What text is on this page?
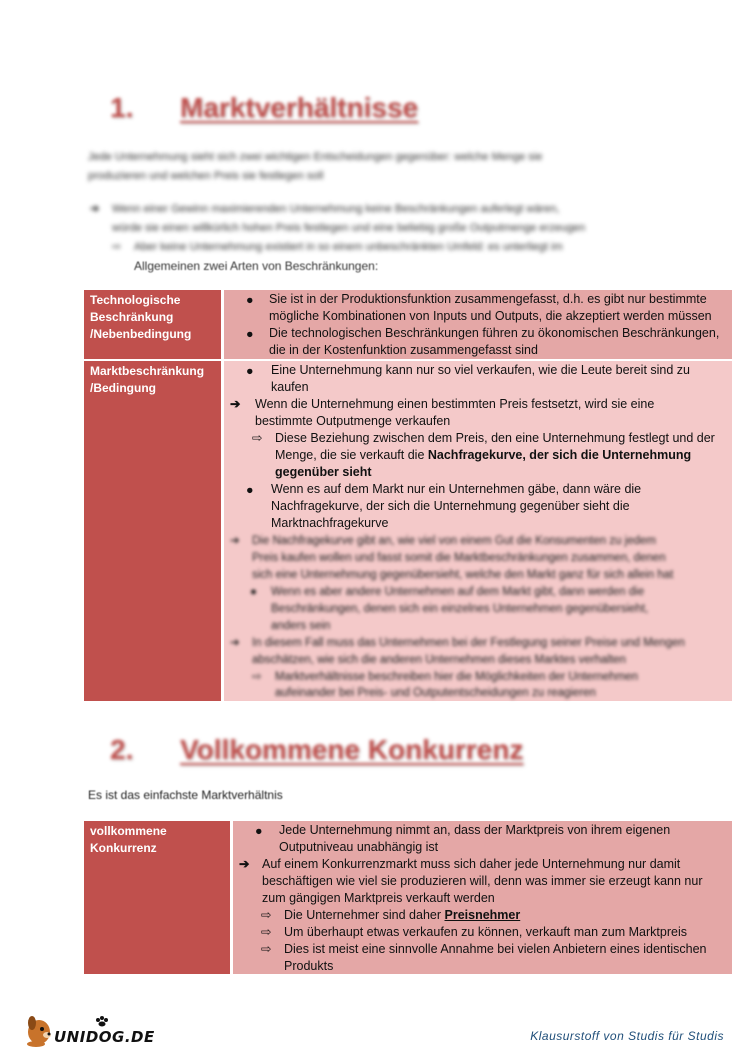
1. Marktverhältnisse
Jede Unternehmung sieht sich zwei wichtigen Entscheidungen gegenüber: welche Menge sie
produzieren und welchen Preis sie festlegen soll
➔ Wenn einer Gewinn maximierenden Unternehmung keine Beschränkungen auferlegt wären,
würde sie einen willkürlich hohen Preis festlegen und eine beliebig große Outputmenge erzeugen
⇨ Aber keine Unternehmung existiert in so einem unbeschränkten Umfeld: es unterliegt im
Allgemeinen zwei Arten von Beschränkungen:
Technologische
Beschränkung
/Nebenbedingung
● Sie ist in der Produktionsfunktion zusammengefasst, d.h. es gibt nur bestimmte
mögliche Kombinationen von Inputs und Outputs, die akzeptiert werden müssen
● Die technologischen Beschränkungen führen zu ökonomischen Beschränkungen,
die in der Kostenfunktion zusammengefasst sind
Marktbeschränkung
/Bedingung
● Eine Unternehmung kann nur so viel verkaufen, wie die Leute bereit sind zu
kaufen
➔ Wenn die Unternehmung einen bestimmten Preis festsetzt, wird sie eine
bestimmte Outputmenge verkaufen
⇨ Diese Beziehung zwischen dem Preis, den eine Unternehmung festlegt und der
Menge, die sie verkauft die Nachfragekurve, der sich die Unternehmung
gegenüber sieht
● Wenn es auf dem Markt nur ein Unternehmen gäbe, dann wäre die
Nachfragekurve, der sich die Unternehmung gegenüber sieht die
Marktnachfragekurve
➔ Die Nachfragekurve gibt an, wie viel von einem Gut die Konsumenten zu jedem
Preis kaufen wollen und fasst somit die Marktbeschränkungen zusammen, denen
sich eine Unternehmung gegenübersieht, welche den Markt ganz für sich allein hat
● Wenn es aber andere Unternehmen auf dem Markt gibt, dann werden die
Beschränkungen, denen sich ein einzelnes Unternehmen gegenübersieht,
anders sein
➔ In diesem Fall muss das Unternehmen bei der Festlegung seiner Preise und Mengen
abschätzen, wie sich die anderen Unternehmen dieses Marktes verhalten
⇨ Marktverhältnisse beschreiben hier die Möglichkeiten der Unternehmen
aufeinander bei Preis- und Outputentscheidungen zu reagieren
2. Vollkommene Konkurrenz
Es ist das einfachste Marktverhältnis
vollkommene
Konkurrenz
● Jede Unternehmung nimmt an, dass der Marktpreis von ihrem eigenen
Outputniveau unabhängig ist
➔ Auf einem Konkurrenzmarkt muss sich daher jede Unternehmung nur damit
beschäftigen wie viel sie produzieren will, denn was immer sie erzeugt kann nur
zum gängigen Marktpreis verkauft werden
⇨ Die Unternehmer sind daher Preisnehmer
⇨ Um überhaupt etwas verkaufen zu können, verkauft man zum Marktpreis
⇨ Dies ist meist eine sinnvolle Annahme bei vielen Anbietern eines identischen
Produkts
UNIDOG.DE	Klausurstoff von Studis für Studis
